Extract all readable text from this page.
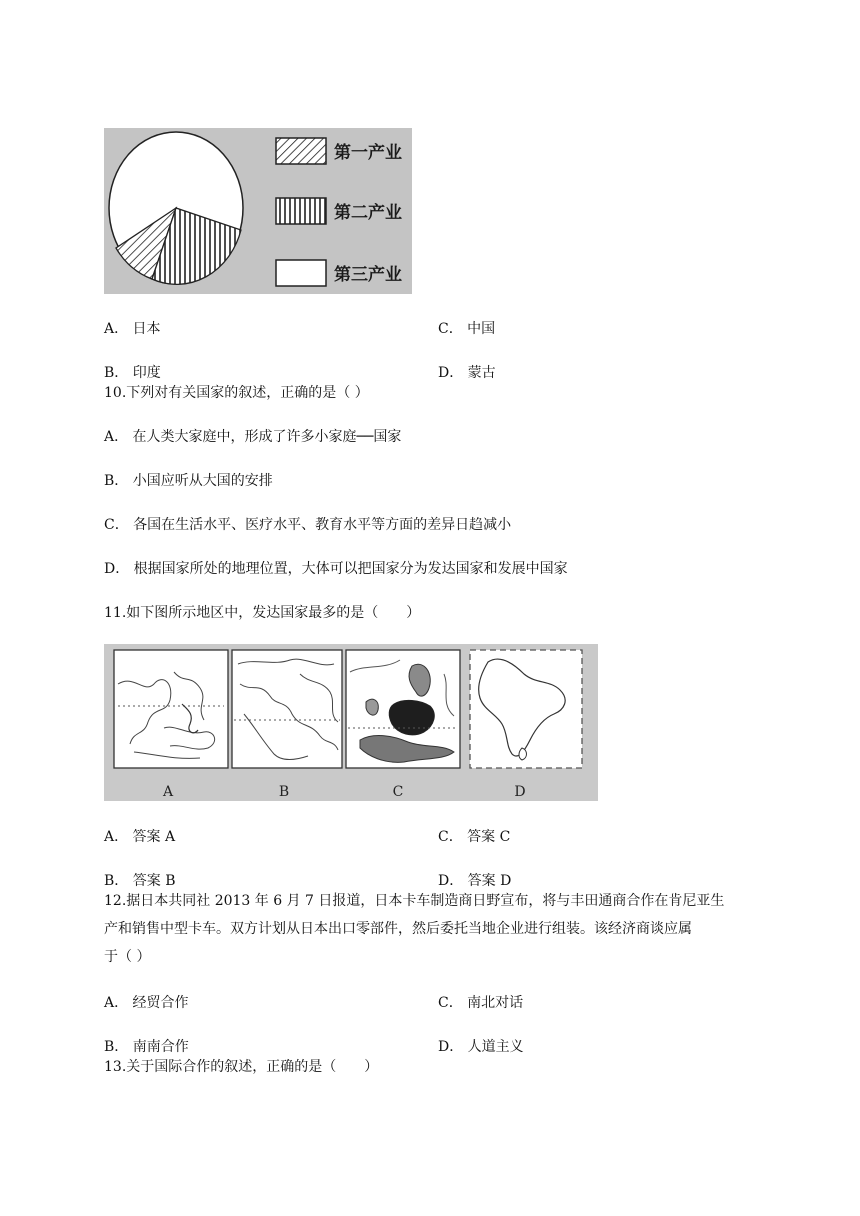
第一产业
第二产业
第三产业
A． 日本	C． 中国
B． 印度	D． 蒙古
10.下列对有关国家的叙述，正确的是（ ）
A． 在人类大家庭中，形成了许多小家庭──国家
B． 小国应听从大国的安排
C． 各国在生活水平、医疗水平、教育水平等方面的差异日趋减小
D． 根据国家所处的地理位置，大体可以把国家分为发达国家和发展中国家
11.如下图所示地区中，发达国家最多的是（　　）
A	B	C	D
A． 答案 A	C． 答案 C
B． 答案 B	D． 答案 D
12.据日本共同社 2013 年 6 月 7 日报道，日本卡车制造商日野宣布，将与丰田通商合作在肯尼亚生
产和销售中型卡车。双方计划从日本出口零部件，然后委托当地企业进行组装。该经济商谈应属
于（ ）
A． 经贸合作	C． 南北对话
B． 南南合作	D． 人道主义
13.关于国际合作的叙述，正确的是（　　）
